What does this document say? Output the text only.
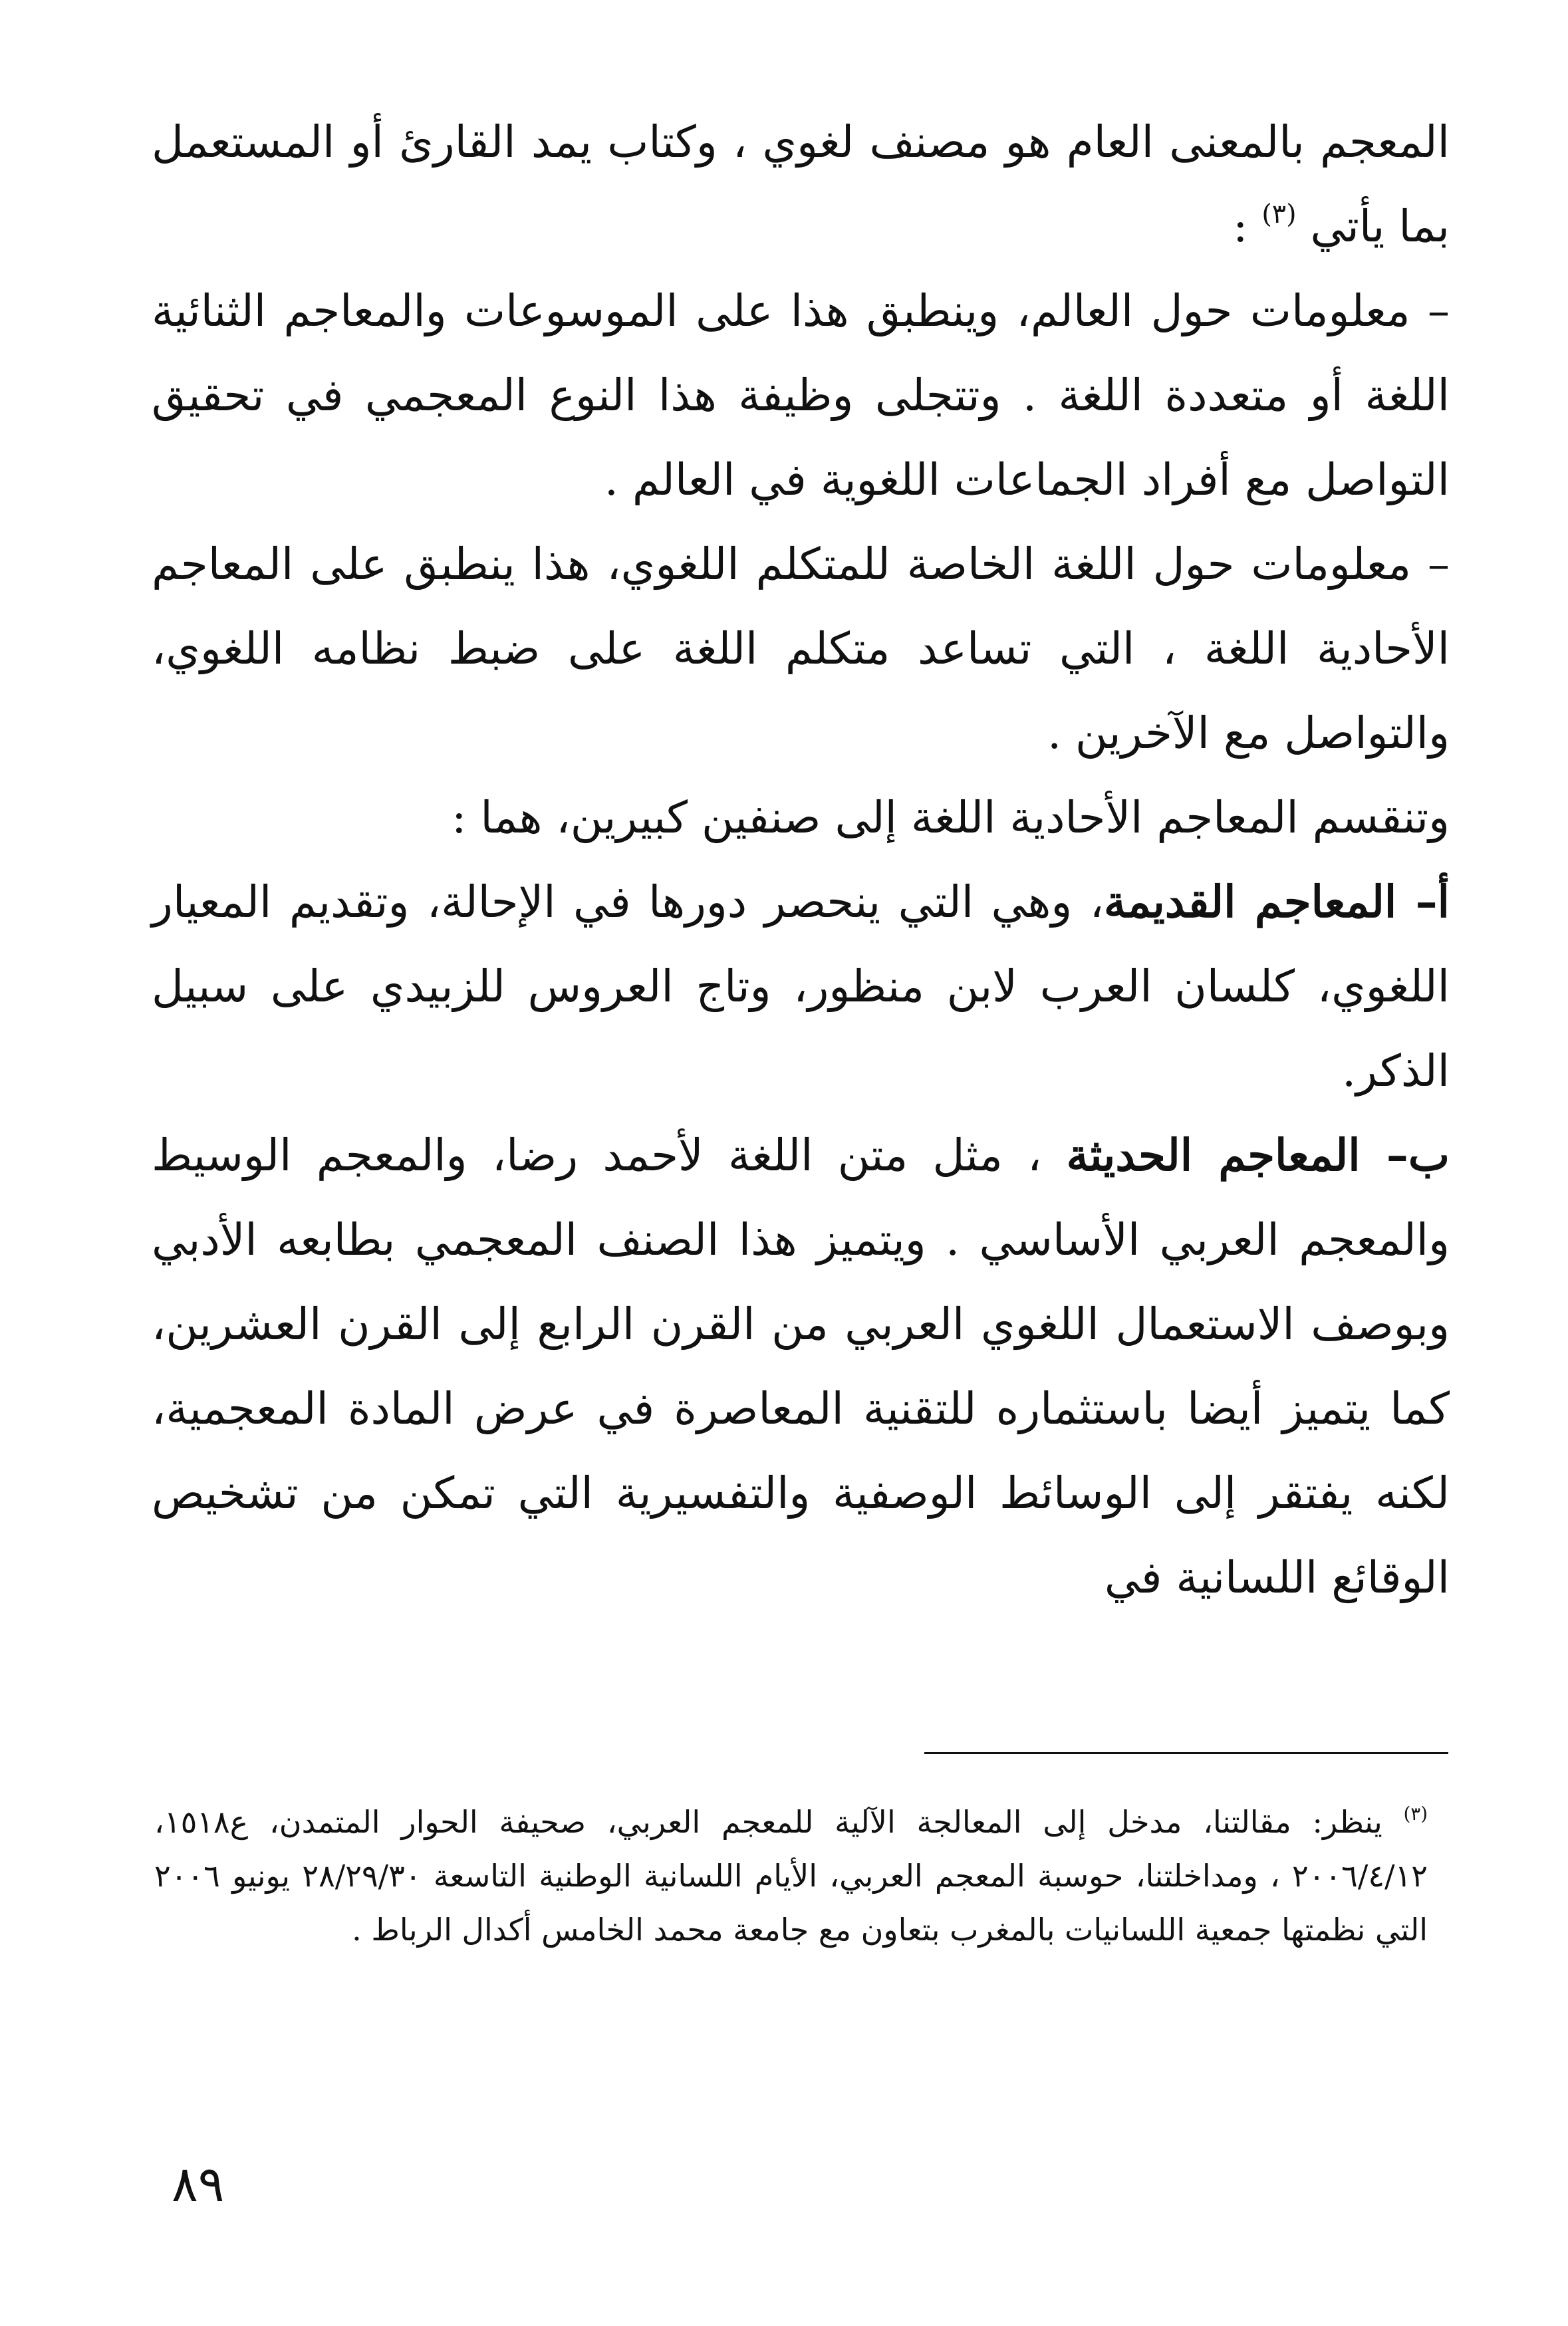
المعجم بالمعنى العام هو مصنف لغوي ، وكتاب يمد القارئ أو المستعمل بما يأتي $^{(٣)}$ :

– معلومات حول العالم، وينطبق هذا على الموسوعات والمعاجم الثنائية اللغة أو متعددة اللغة . وتتجلى وظيفة هذا النوع المعجمي في تحقيق التواصل مع أفراد الجماعات اللغوية في العالم .

– معلومات حول اللغة الخاصة للمتكلم اللغوي، هذا ينطبق على المعاجم الأحادية اللغة ، التي تساعد متكلم اللغة على ضبط نظامه اللغوي، والتواصل مع الآخرين .

وتنقسم المعاجم الأحادية اللغة إلى صنفين كبيرين، هما :

أ– المعاجم القديمة، وهي التي ينحصر دورها في الإحالة، وتقديم المعيار اللغوي، كلسان العرب لابن منظور، وتاج العروس للزبيدي على سبيل الذكر.

ب– المعاجم الحديثة ، مثل متن اللغة لأحمد رضا، والمعجم الوسيط والمعجم العربي الأساسي . ويتميز هذا الصنف المعجمي بطابعه الأدبي وبوصف الاستعمال اللغوي العربي من القرن الرابع إلى القرن العشرين، كما يتميز أيضا باستثماره للتقنية المعاصرة في عرض المادة المعجمية، لكنه يفتقر إلى الوسائط الوصفية والتفسيرية التي تمكن من تشخيص الوقائع اللسانية في

$^{(٣)}$ ينظر: مقالتنا، مدخل إلى المعالجة الآلية للمعجم العربي، صحيفة الحوار المتمدن، ع١٥١٨، ٢٠٠٦/٤/١٢ ، ومداخلتنا، حوسبة المعجم العربي، الأيام اللسانية الوطنية التاسعة ٢٨/٢٩/٣٠ يونيو ٢٠٠٦ التي نظمتها جمعية اللسانيات بالمغرب بتعاون مع جامعة محمد الخامس أكدال الرباط .

٨٩
